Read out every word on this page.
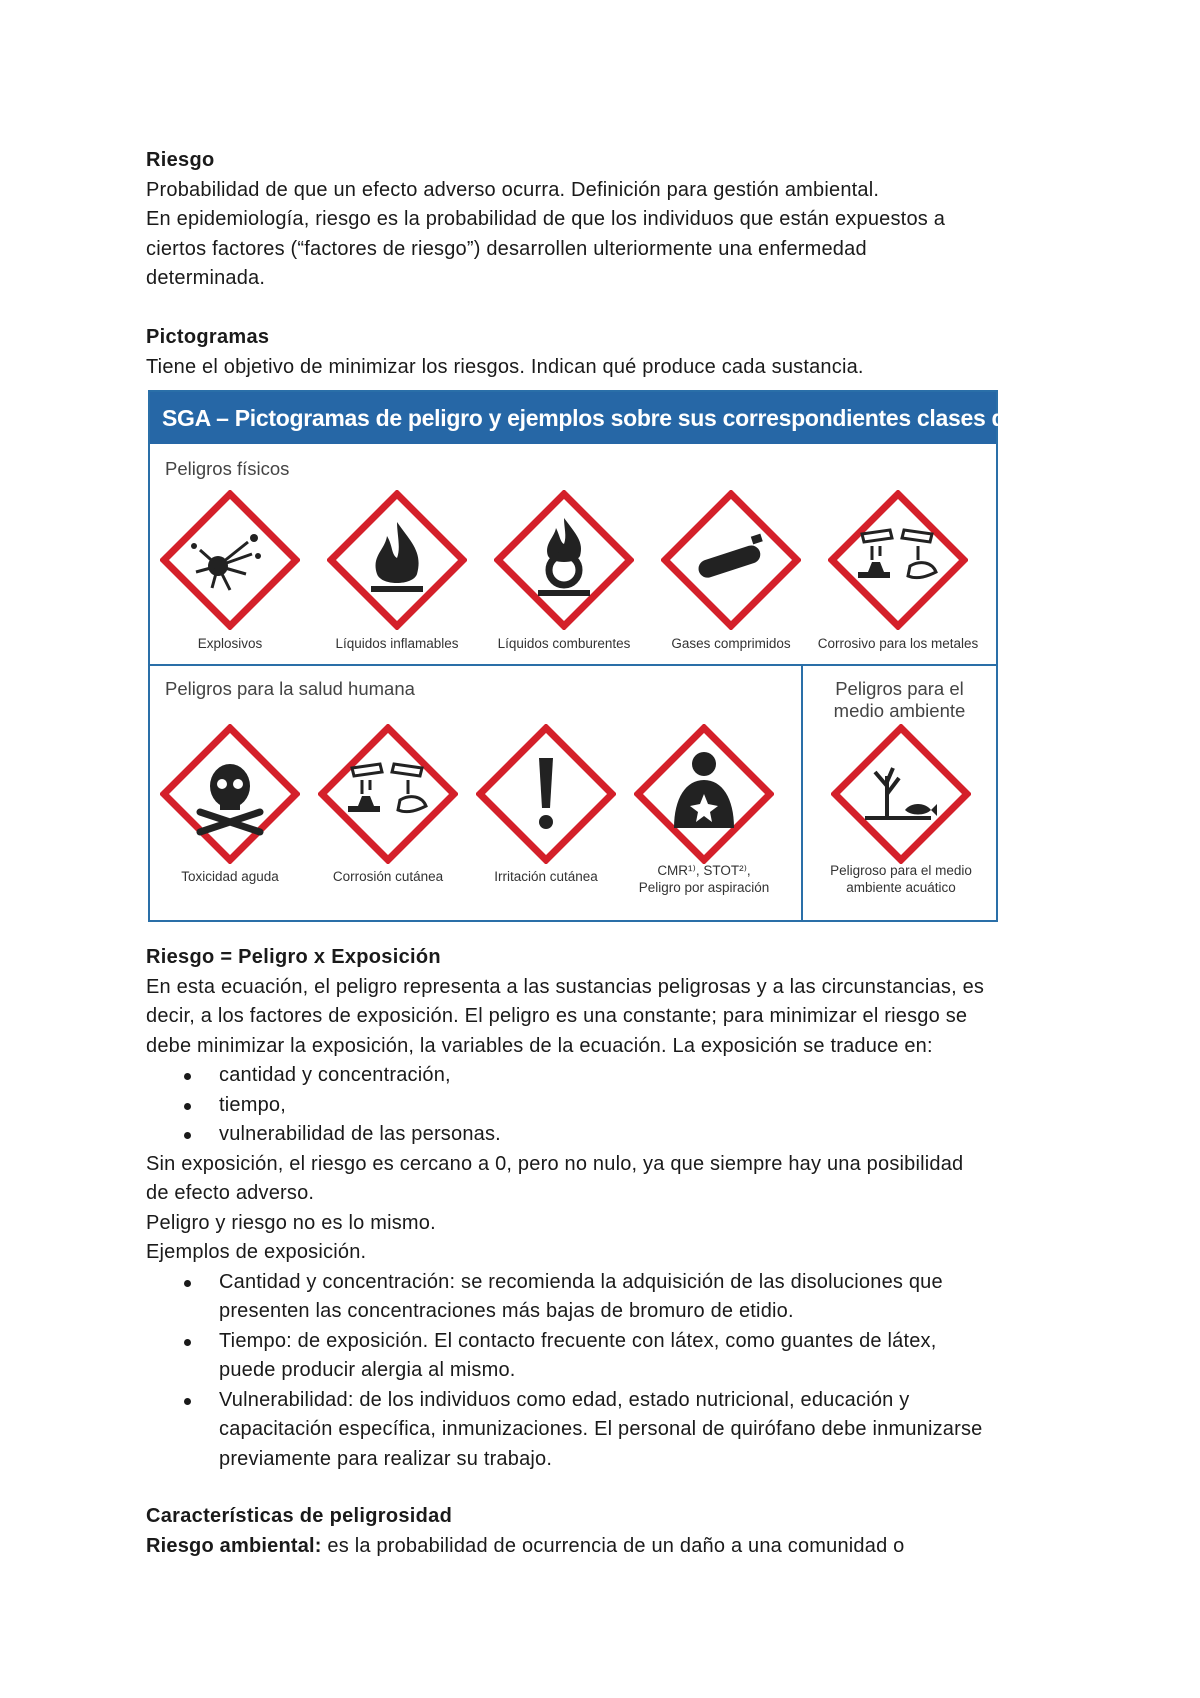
Riesgo

Probabilidad de que un efecto adverso ocurra. Definición para gestión ambiental.

En epidemiología, riesgo es la probabilidad de que los individuos que están expuestos a

ciertos factores (“factores de riesgo”) desarrollen ulteriormente una enfermedad

determinada.

Pictogramas

Tiene el objetivo de minimizar los riesgos. Indican qué produce cada sustancia.

SGA – Pictogramas de peligro y ejemplos sobre sus correspondientes clases de peligro
Peligros físicos
Explosivos	Líquidos inflamables	Líquidos comburentes	Gases comprimidos	Corrosivo para los metales
Peligros para la salud humana	Peligros para el
medio ambiente
Toxicidad aguda	Corrosión cutánea	Irritación cutánea	CMR¹⁾, STOT²⁾,
Peligro por aspiración
Peligroso para el medio
ambiente acuático

Riesgo = Peligro x Exposición

En esta ecuación, el peligro representa a las sustancias peligrosas y a las circunstancias, es

decir, a los factores de exposición. El peligro es una constante; para minimizar el riesgo se

debe minimizar la exposición, la variables de la ecuación. La exposición se traduce en:

cantidad y concentración,
tiempo,
vulnerabilidad de las personas.

Sin exposición, el riesgo es cercano a 0, pero no nulo, ya que siempre hay una posibilidad

de efecto adverso.

Peligro y riesgo no es lo mismo.

Ejemplos de exposición.

Cantidad y concentración: se recomienda la adquisición de las disoluciones que
presenten las concentraciones más bajas de bromuro de etidio.
Tiempo: de exposición. El contacto frecuente con látex, como guantes de látex,
puede producir alergia al mismo.
Vulnerabilidad: de los individuos como edad, estado nutricional, educación y
capacitación específica, inmunizaciones. El personal de quirófano debe inmunizarse
previamente para realizar su trabajo.

Características de peligrosidad

Riesgo ambiental: es la probabilidad de ocurrencia de un daño a una comunidad o
